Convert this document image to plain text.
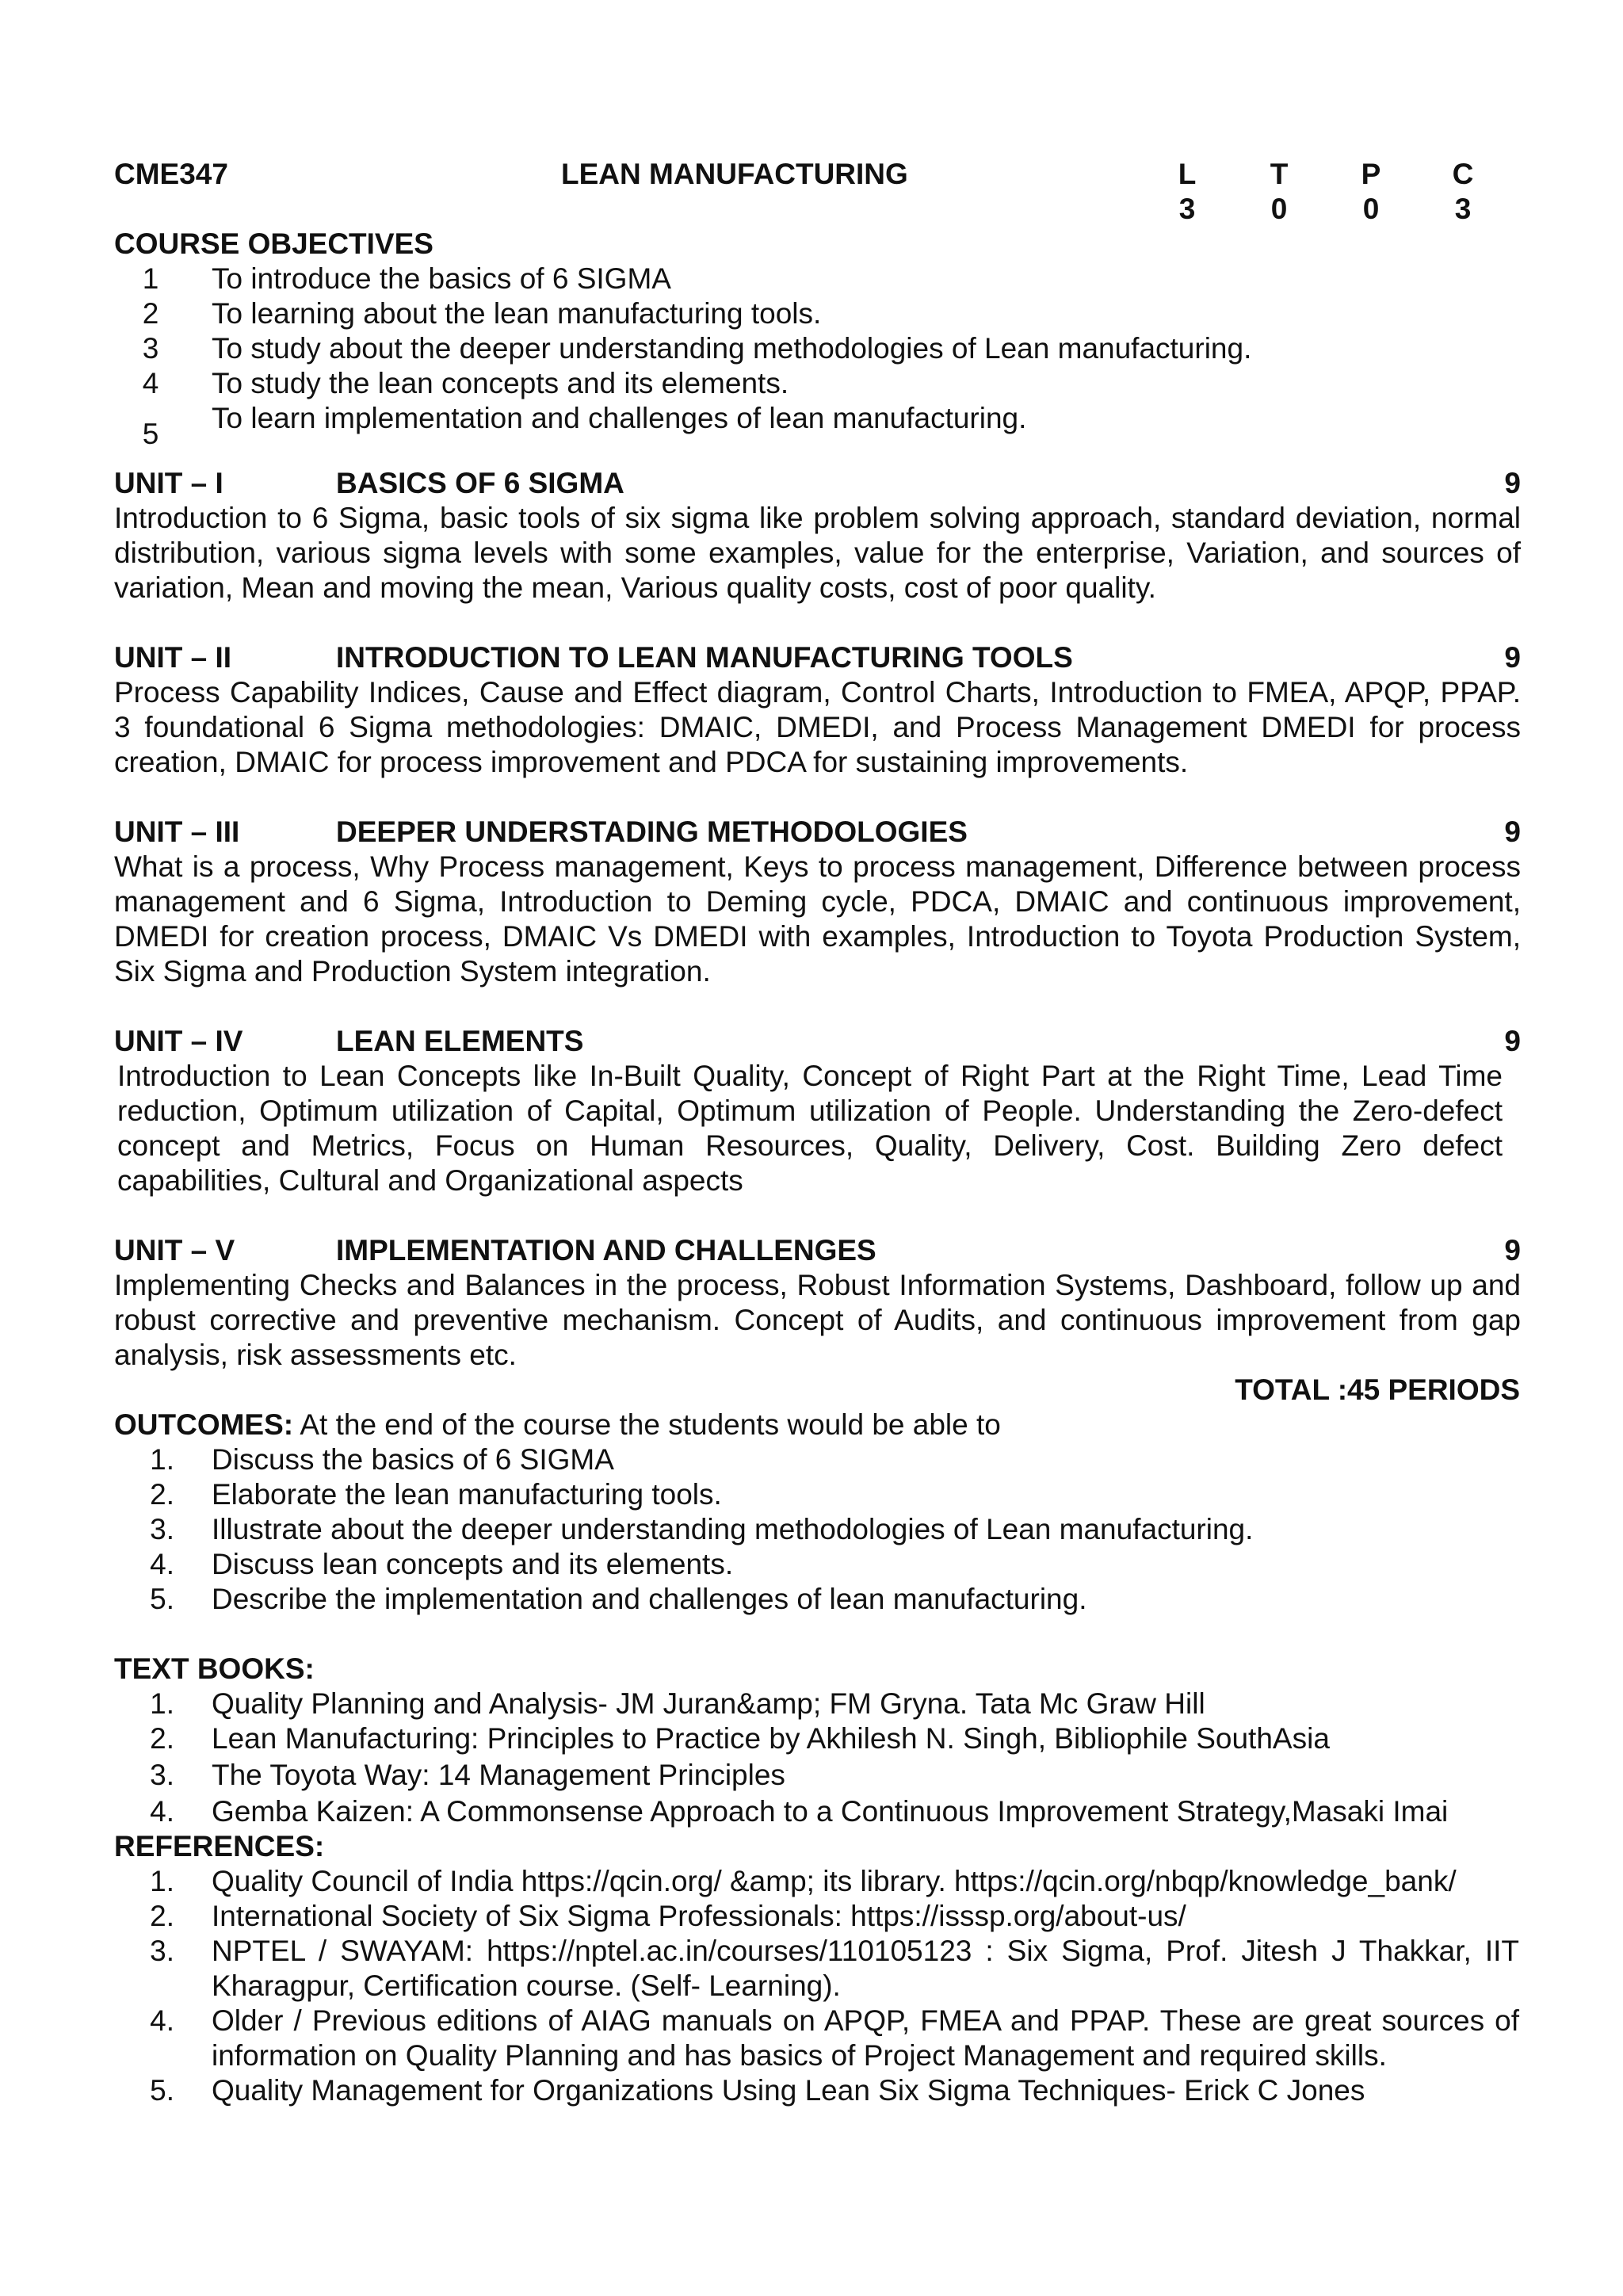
CME347	LEAN MANUFACTURING	L	T P C
3	0	0	3
COURSE OBJECTIVES
1 To introduce the basics of 6 SIGMA
2 To learning about the lean manufacturing tools.
3 To study about the deeper understanding methodologies of Lean manufacturing.
4 To study the lean concepts and its elements.
5 To learn implementation and challenges of lean manufacturing.
UNIT – I	BASICS OF 6 SIGMA	9
Introduction to 6 Sigma, basic tools of six sigma like problem solving approach, standard deviation, normal distribution, various sigma levels with some examples, value for the enterprise, Variation, and sources of variation, Mean and moving the mean, Various quality costs, cost of poor quality.
UNIT – II	INTRODUCTION TO LEAN MANUFACTURING TOOLS	9
Process Capability Indices, Cause and Effect diagram, Control Charts, Introduction to FMEA, APQP, PPAP. 3 foundational 6 Sigma methodologies: DMAIC, DMEDI, and Process Management DMEDI for process creation, DMAIC for process improvement and PDCA for sustaining improvements.
UNIT – III	DEEPER UNDERSTADING METHODOLOGIES	9
What is a process, Why Process management, Keys to process management, Difference between process management and 6 Sigma, Introduction to Deming cycle, PDCA, DMAIC and continuous improvement, DMEDI for creation process, DMAIC Vs DMEDI with examples, Introduction to Toyota Production System, Six Sigma and Production System integration.
UNIT – IV	LEAN ELEMENTS	9
Introduction to Lean Concepts like In-Built Quality, Concept of Right Part at the Right Time, Lead Time reduction, Optimum utilization of Capital, Optimum utilization of People. Understanding the Zero-defect concept and Metrics, Focus on Human Resources, Quality, Delivery, Cost. Building Zero defect capabilities, Cultural and Organizational aspects
UNIT – V	IMPLEMENTATION AND CHALLENGES	9
Implementing Checks and Balances in the process, Robust Information Systems, Dashboard, follow up and robust corrective and preventive mechanism. Concept of Audits, and continuous improvement from gap analysis, risk assessments etc.
TOTAL :45 PERIODS
OUTCOMES: At the end of the course the students would be able to
1. Discuss the basics of 6 SIGMA
2. Elaborate the lean manufacturing tools.
3. Illustrate about the deeper understanding methodologies of Lean manufacturing.
4. Discuss lean concepts and its elements.
5. Describe the implementation and challenges of lean manufacturing.
TEXT BOOKS:
1. Quality Planning and Analysis- JM Juran&amp; FM Gryna. Tata Mc Graw Hill
2. Lean Manufacturing: Principles to Practice by Akhilesh N. Singh, Bibliophile SouthAsia
3. The Toyota Way: 14 Management Principles
4. Gemba Kaizen: A Commonsense Approach to a Continuous Improvement Strategy,Masaki Imai
REFERENCES:
1. Quality Council of India https://qcin.org/ &amp; its library. https://qcin.org/nbqp/knowledge_bank/
2. International Society of Six Sigma Professionals: https://isssp.org/about-us/
3. NPTEL / SWAYAM: https://nptel.ac.in/courses/110105123 : Six Sigma, Prof. Jitesh J Thakkar, IIT Kharagpur, Certification course. (Self- Learning).
4. Older / Previous editions of AIAG manuals on APQP, FMEA and PPAP. These are great sources of information on Quality Planning and has basics of Project Management and required skills.
5. Quality Management for Organizations Using Lean Six Sigma Techniques- Erick C Jones
